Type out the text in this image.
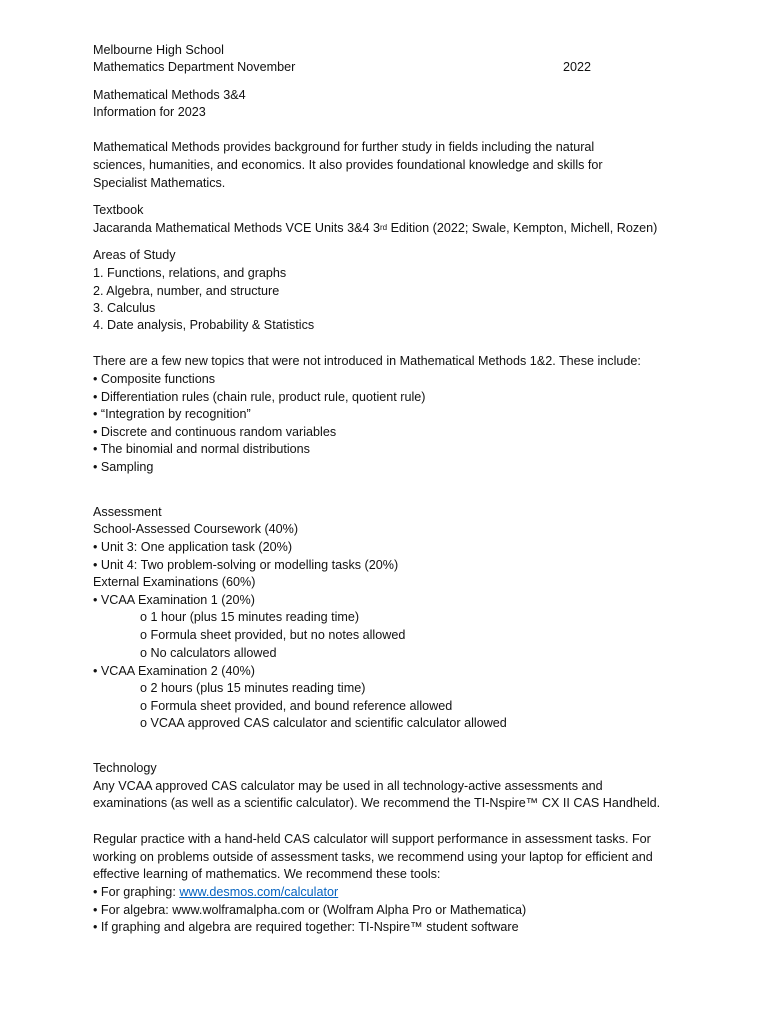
Melbourne High School
Mathematics Department November	2022
Mathematical Methods 3&4
Information for 2023
Mathematical Methods provides background for further study in fields including the natural
sciences, humanities, and economics. It also provides foundational knowledge and skills for
Specialist Mathematics.
Textbook
Jacaranda Mathematical Methods VCE Units 3&4 3rd Edition (2022; Swale, Kempton, Michell, Rozen)
Areas of Study
1. Functions, relations, and graphs
2. Algebra, number, and structure
3. Calculus
4. Date analysis, Probability & Statistics
There are a few new topics that were not introduced in Mathematical Methods 1&2. These include:
• Composite functions
• Differentiation rules (chain rule, product rule, quotient rule)
• “Integration by recognition”
• Discrete and continuous random variables
• The binomial and normal distributions
• Sampling
Assessment
School-Assessed Coursework (40%)
• Unit 3: One application task (20%)
• Unit 4: Two problem-solving or modelling tasks (20%)
External Examinations (60%)
• VCAA Examination 1 (20%)
o 1 hour (plus 15 minutes reading time)
o Formula sheet provided, but no notes allowed
o No calculators allowed
• VCAA Examination 2 (40%)
o 2 hours (plus 15 minutes reading time)
o Formula sheet provided, and bound reference allowed
o VCAA approved CAS calculator and scientific calculator allowed
Technology
Any VCAA approved CAS calculator may be used in all technology-active assessments and
examinations (as well as a scientific calculator). We recommend the TI-Nspire™ CX II CAS Handheld.
Regular practice with a hand-held CAS calculator will support performance in assessment tasks. For
working on problems outside of assessment tasks, we recommend using your laptop for efficient and
effective learning of mathematics. We recommend these tools:
• For graphing: www.desmos.com/calculator
• For algebra: www.wolframalpha.com or (Wolfram Alpha Pro or Mathematica)
• If graphing and algebra are required together: TI-Nspire™ student software
